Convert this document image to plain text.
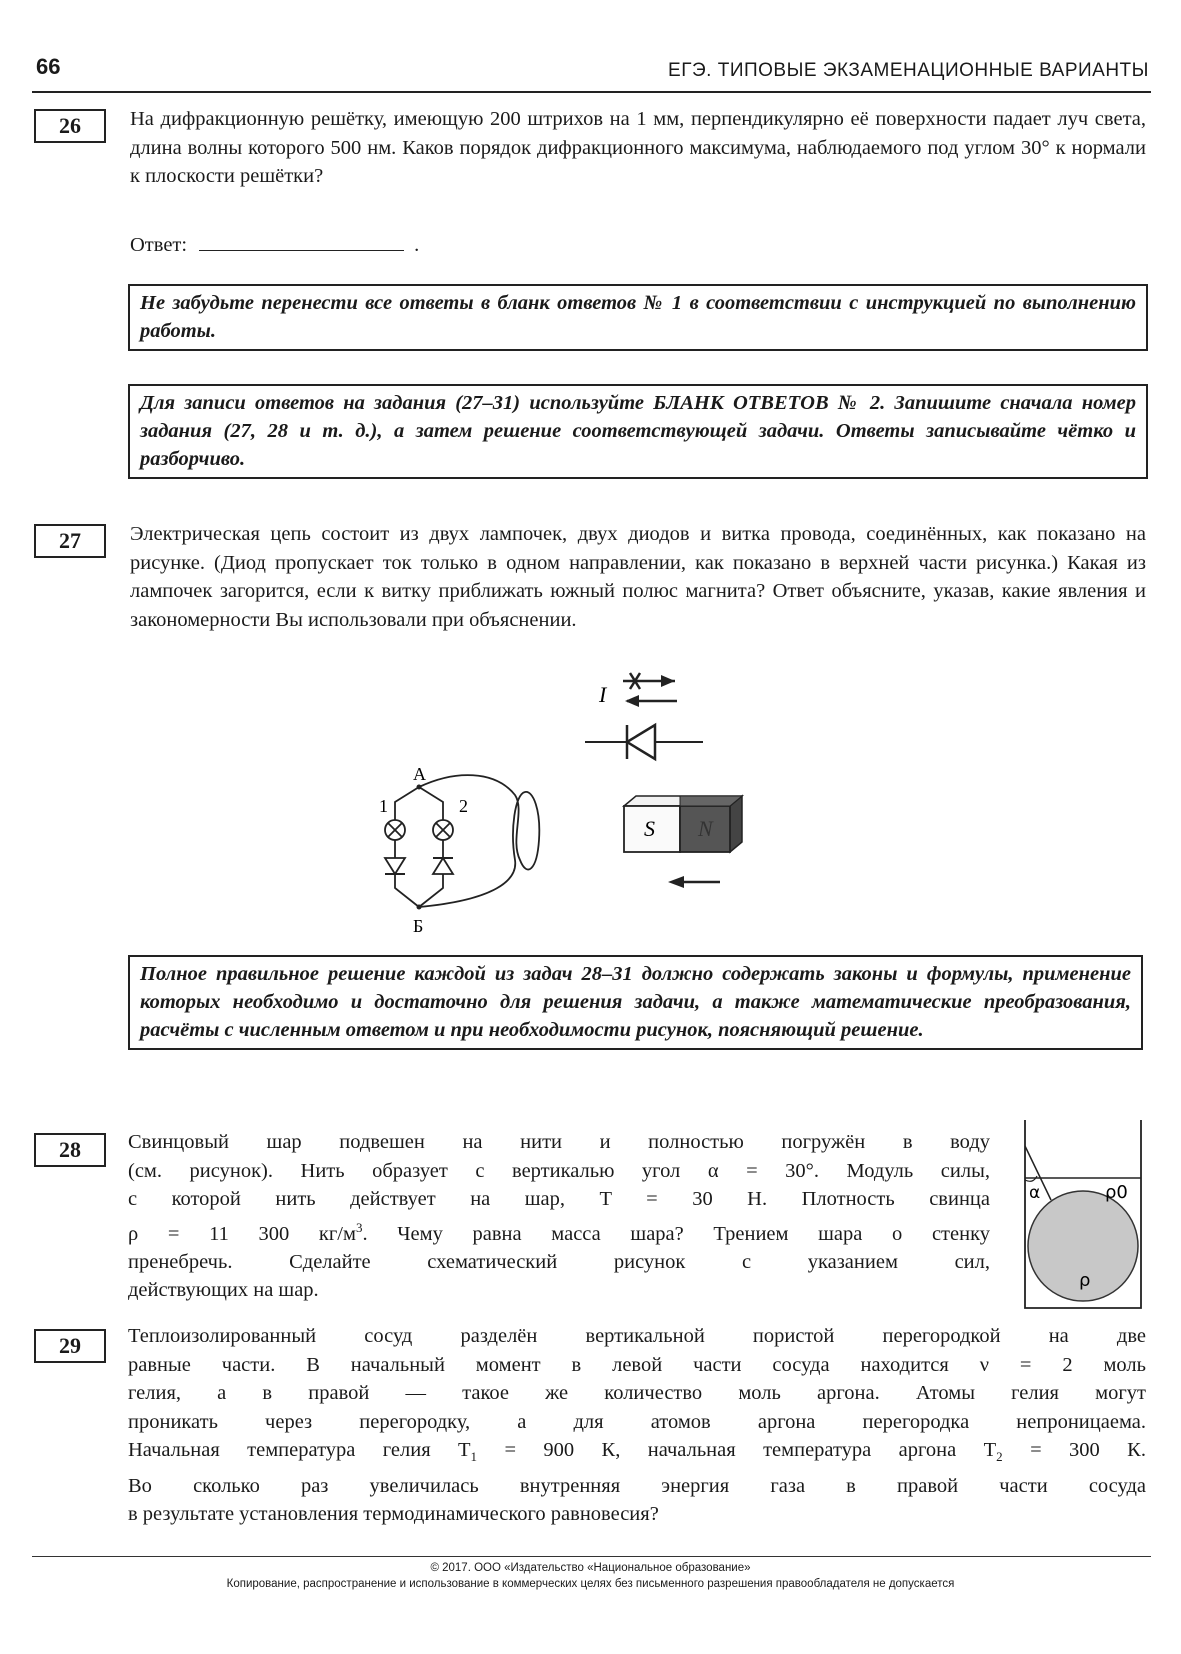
66	ЕГЭ. ТИПОВЫЕ ЭКЗАМЕНАЦИОННЫЕ ВАРИАНТЫ
26	На дифракционную решётку, имеющую 200 штрихов на 1 мм, перпендикулярно её поверхности падает луч света, длина волны которого 500 нм. Каков порядок дифракционного максимума, наблюдаемого под углом 30° к нормали к плоскости решётки?

Ответ:	.
Не забудьте перенести все ответы в бланк ответов № 1 в соответствии с инструкцией по выполнению работы.
Для записи ответов на задания (27–31) используйте БЛАНК ОТВЕТОВ № 2. Запишите сначала номер задания (27, 28 и т. д.), а затем решение соответствующей задачи. Ответы записывайте чётко и разборчиво.
27	Электрическая цепь состоит из двух лампочек, двух диодов и витка провода, соединённых, как показано на рисунке. (Диод пропускает ток только в одном направлении, как показано в верхней части рисунка.) Какая из лампочек загорится, если к витку приближать южный полюс магнита? Ответ объясните, указав, какие явления и закономерности Вы использовали при объяснении.

I
А
Б
1	2
S N
Полное правильное решение каждой из задач 28–31 должно содержать законы и формулы, применение которых необходимо и достаточно для решения задачи, а также математические преобразования, расчёты с численным ответом и при необходимости рисунок, поясняющий решение.
28	Свинцовый шар подвешен на нити и полностью погружён в воду
(см. рисунок). Нить образует с вертикалью угол α = 30°. Модуль силы,
с которой нить действует на шар, T = 30 Н. Плотность свинца
ρ = 11 300 $кг/м^3$. Чему равна масса шара? Трением шара о стенку
пренебречь. Сделайте схематический рисунок с указанием сил,
действующих на шар.
α	ρ0
ρ
29	Теплоизолированный сосуд разделён вертикальной пористой перегородкой на две
равные части. В начальный момент в левой части сосуда находится ν = 2 моль
гелия, а в правой — такое же количество моль аргона. Атомы гелия могут
проникать через перегородку, а для атомов аргона перегородка непроницаема.
Начальная температура гелия $T_1 = 900$ К, начальная температура аргона $T_2 = 300$ К.
Во сколько раз увеличилась внутренняя энергия газа в правой части сосуда
в результате установления термодинамического равновесия?
© 2017. ООО «Издательство «Национальное образование»
Копирование, распространение и использование в коммерческих целях без письменного разрешения правообладателя не допускается
